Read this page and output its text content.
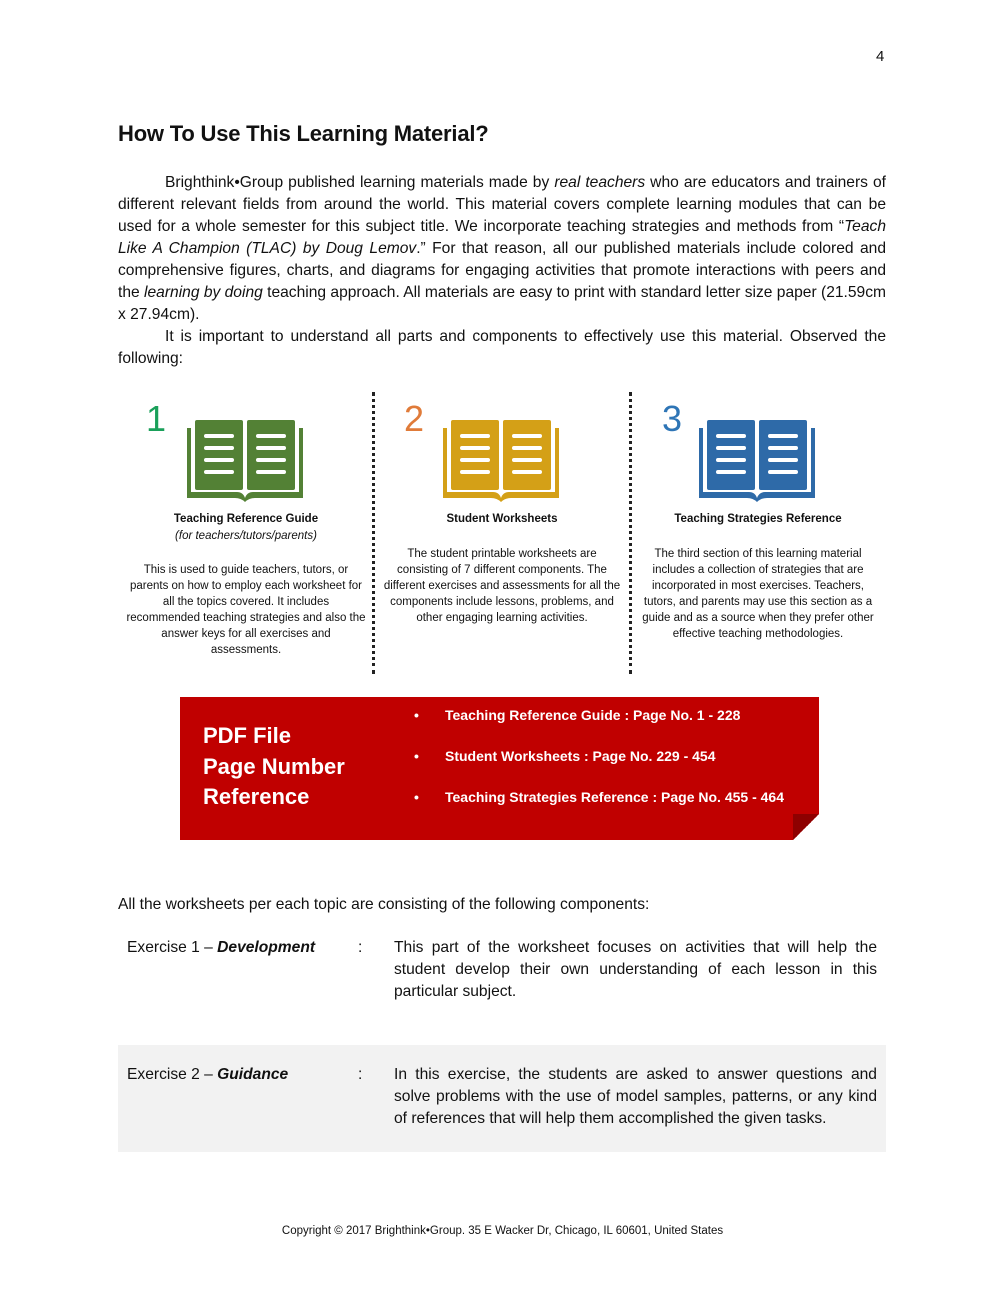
4
How To Use This Learning Material?

Brighthink•Group published learning materials made by real teachers who are educators and trainers of different relevant fields from around the world. This material covers complete learning modules that can be used for a whole semester for this subject title. We incorporate teaching strategies and methods from “Teach Like A Champion (TLAC) by Doug Lemov.” For that reason, all our published materials include colored and comprehensive figures, charts, and diagrams for engaging activities that promote interactions with peers and the learning by doing teaching approach. All materials are easy to print with standard letter size paper (21.59cm x 27.94cm).

It is important to understand all parts and components to effectively use this material. Observed the following:

1
Teaching Reference Guide
(for teachers/tutors/parents)

This is used to guide teachers, tutors, or parents on how to employ each worksheet for all the topics covered. It includes recommended teaching strategies and also the answer keys for all exercises and assessments.

2
Student Worksheets

The student printable worksheets are consisting of 7 different components. The different exercises and assessments for all the components include lessons, problems, and other engaging learning activities.

3
Teaching Strategies Reference

The third section of this learning material includes a collection of strategies that are incorporated in most exercises. Teachers, tutors, and parents may use this section as a guide and as a source when they prefer other effective teaching methodologies.

PDF File
Page Number
Reference
• Teaching Reference Guide : Page No. 1 - 228
• Student Worksheets : Page No. 229 - 454
• Teaching Strategies Reference : Page No. 455 - 464
All the worksheets per each topic are consisting of the following components:
Exercise 1 – Development	: This part of the worksheet focuses on activities that will help the student develop their own understanding of each lesson in this particular subject.

Exercise 2 – Guidance	: In this exercise, the students are asked to answer questions and solve problems with the use of model samples, patterns, or any kind of references that will help them accomplished the given tasks.

Copyright © 2017 Brighthink•Group. 35 E Wacker Dr, Chicago, IL 60601, United States
